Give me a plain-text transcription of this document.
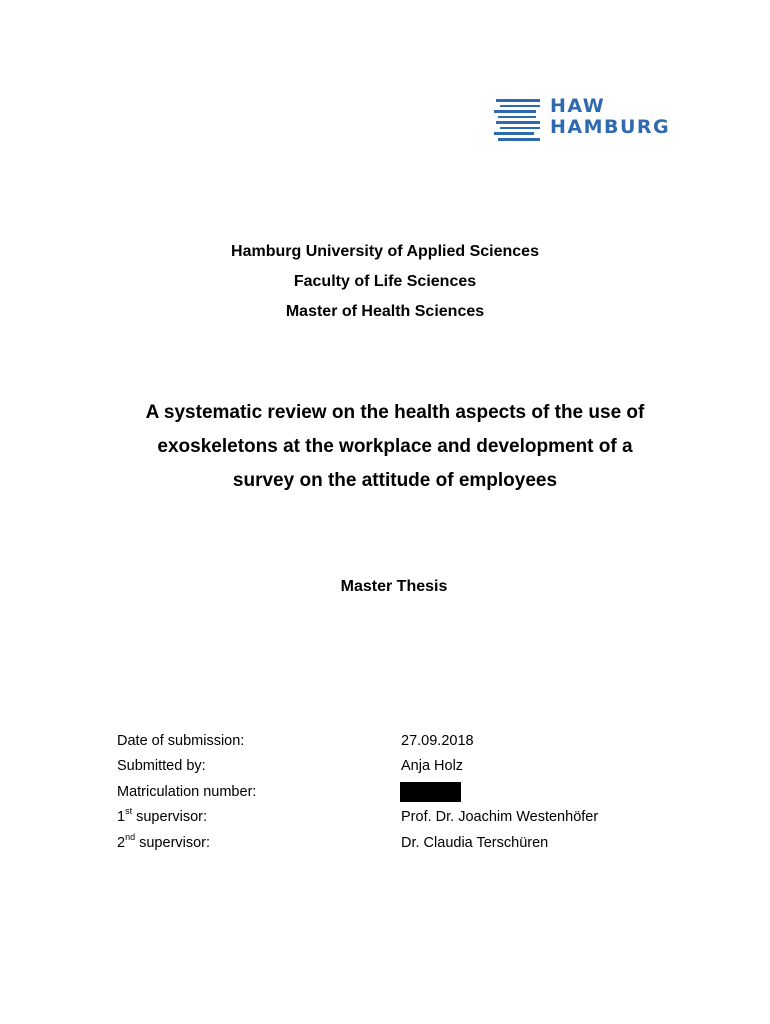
HAW
HAMBURG
Hamburg University of Applied Sciences
Faculty of Life Sciences
Master of Health Sciences
A systematic review on the health aspects of the use of
exoskeletons at the workplace and development of a
survey on the attitude of employees
Master Thesis
Date of submission:	27.09.2018
Submitted by:	Anja Holz
Matriculation number:
1st supervisor:	Prof. Dr. Joachim Westenhöfer
2nd supervisor:	Dr. Claudia Terschüren
